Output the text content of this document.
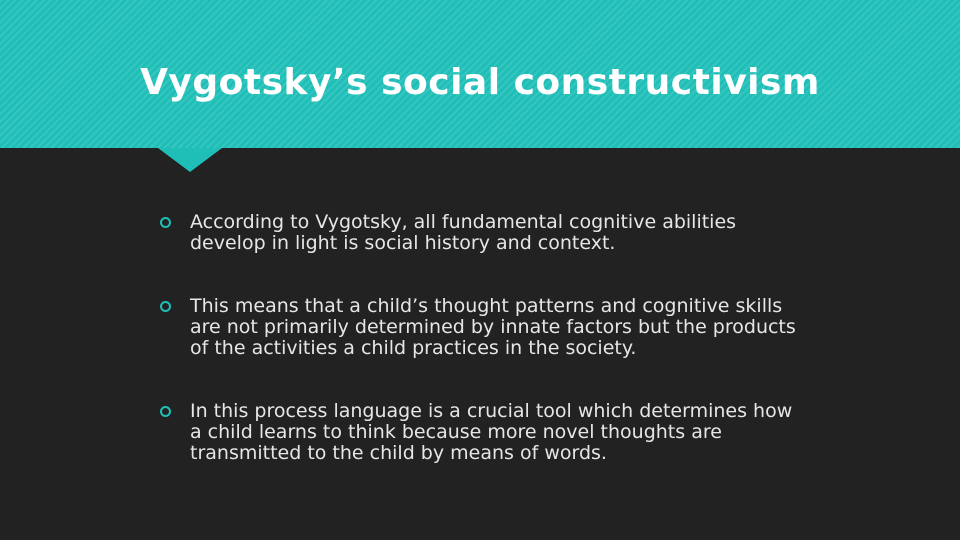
Vygotsky’s social constructivism
According to Vygotsky, all fundamental cognitive abilities develop in light is social history and context.
This means that a child’s thought patterns and cognitive skills are not primarily determined by innate factors but the products of the activities a child practices in the society.
In this process language is a crucial tool which determines how a child learns to think because more novel thoughts are transmitted to the child by means of words.
